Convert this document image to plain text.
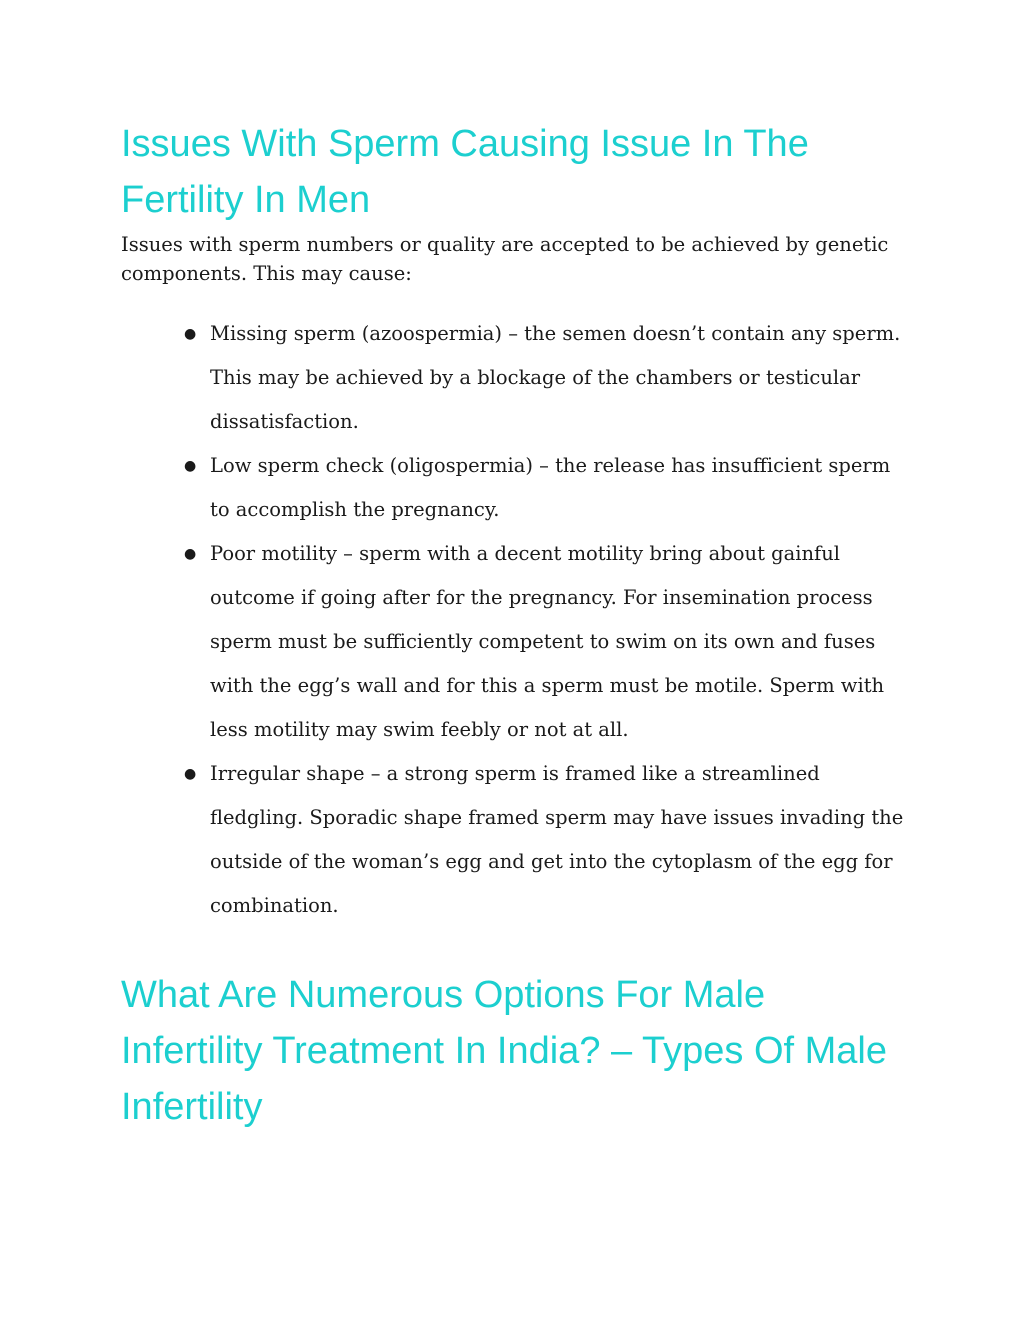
Issues With Sperm Causing Issue In The Fertility In Men

Issues with sperm numbers or quality are accepted to be achieved by genetic components. This may cause:

● Missing sperm (azoospermia) – the semen doesn’t contain any sperm. This may be achieved by a blockage of the chambers or testicular dissatisfaction.
● Low sperm check (oligospermia) – the release has insufficient sperm to accomplish the pregnancy.
● Poor motility – sperm with a decent motility bring about gainful outcome if going after for the pregnancy. For insemination process sperm must be sufficiently competent to swim on its own and fuses with the egg’s wall and for this a sperm must be motile. Sperm with less motility may swim feebly or not at all.
● Irregular shape – a strong sperm is framed like a streamlined fledgling. Sporadic shape framed sperm may have issues invading the outside of the woman’s egg and get into the cytoplasm of the egg for combination.
What Are Numerous Options For Male Infertility Treatment In India? – Types Of Male Infertility
